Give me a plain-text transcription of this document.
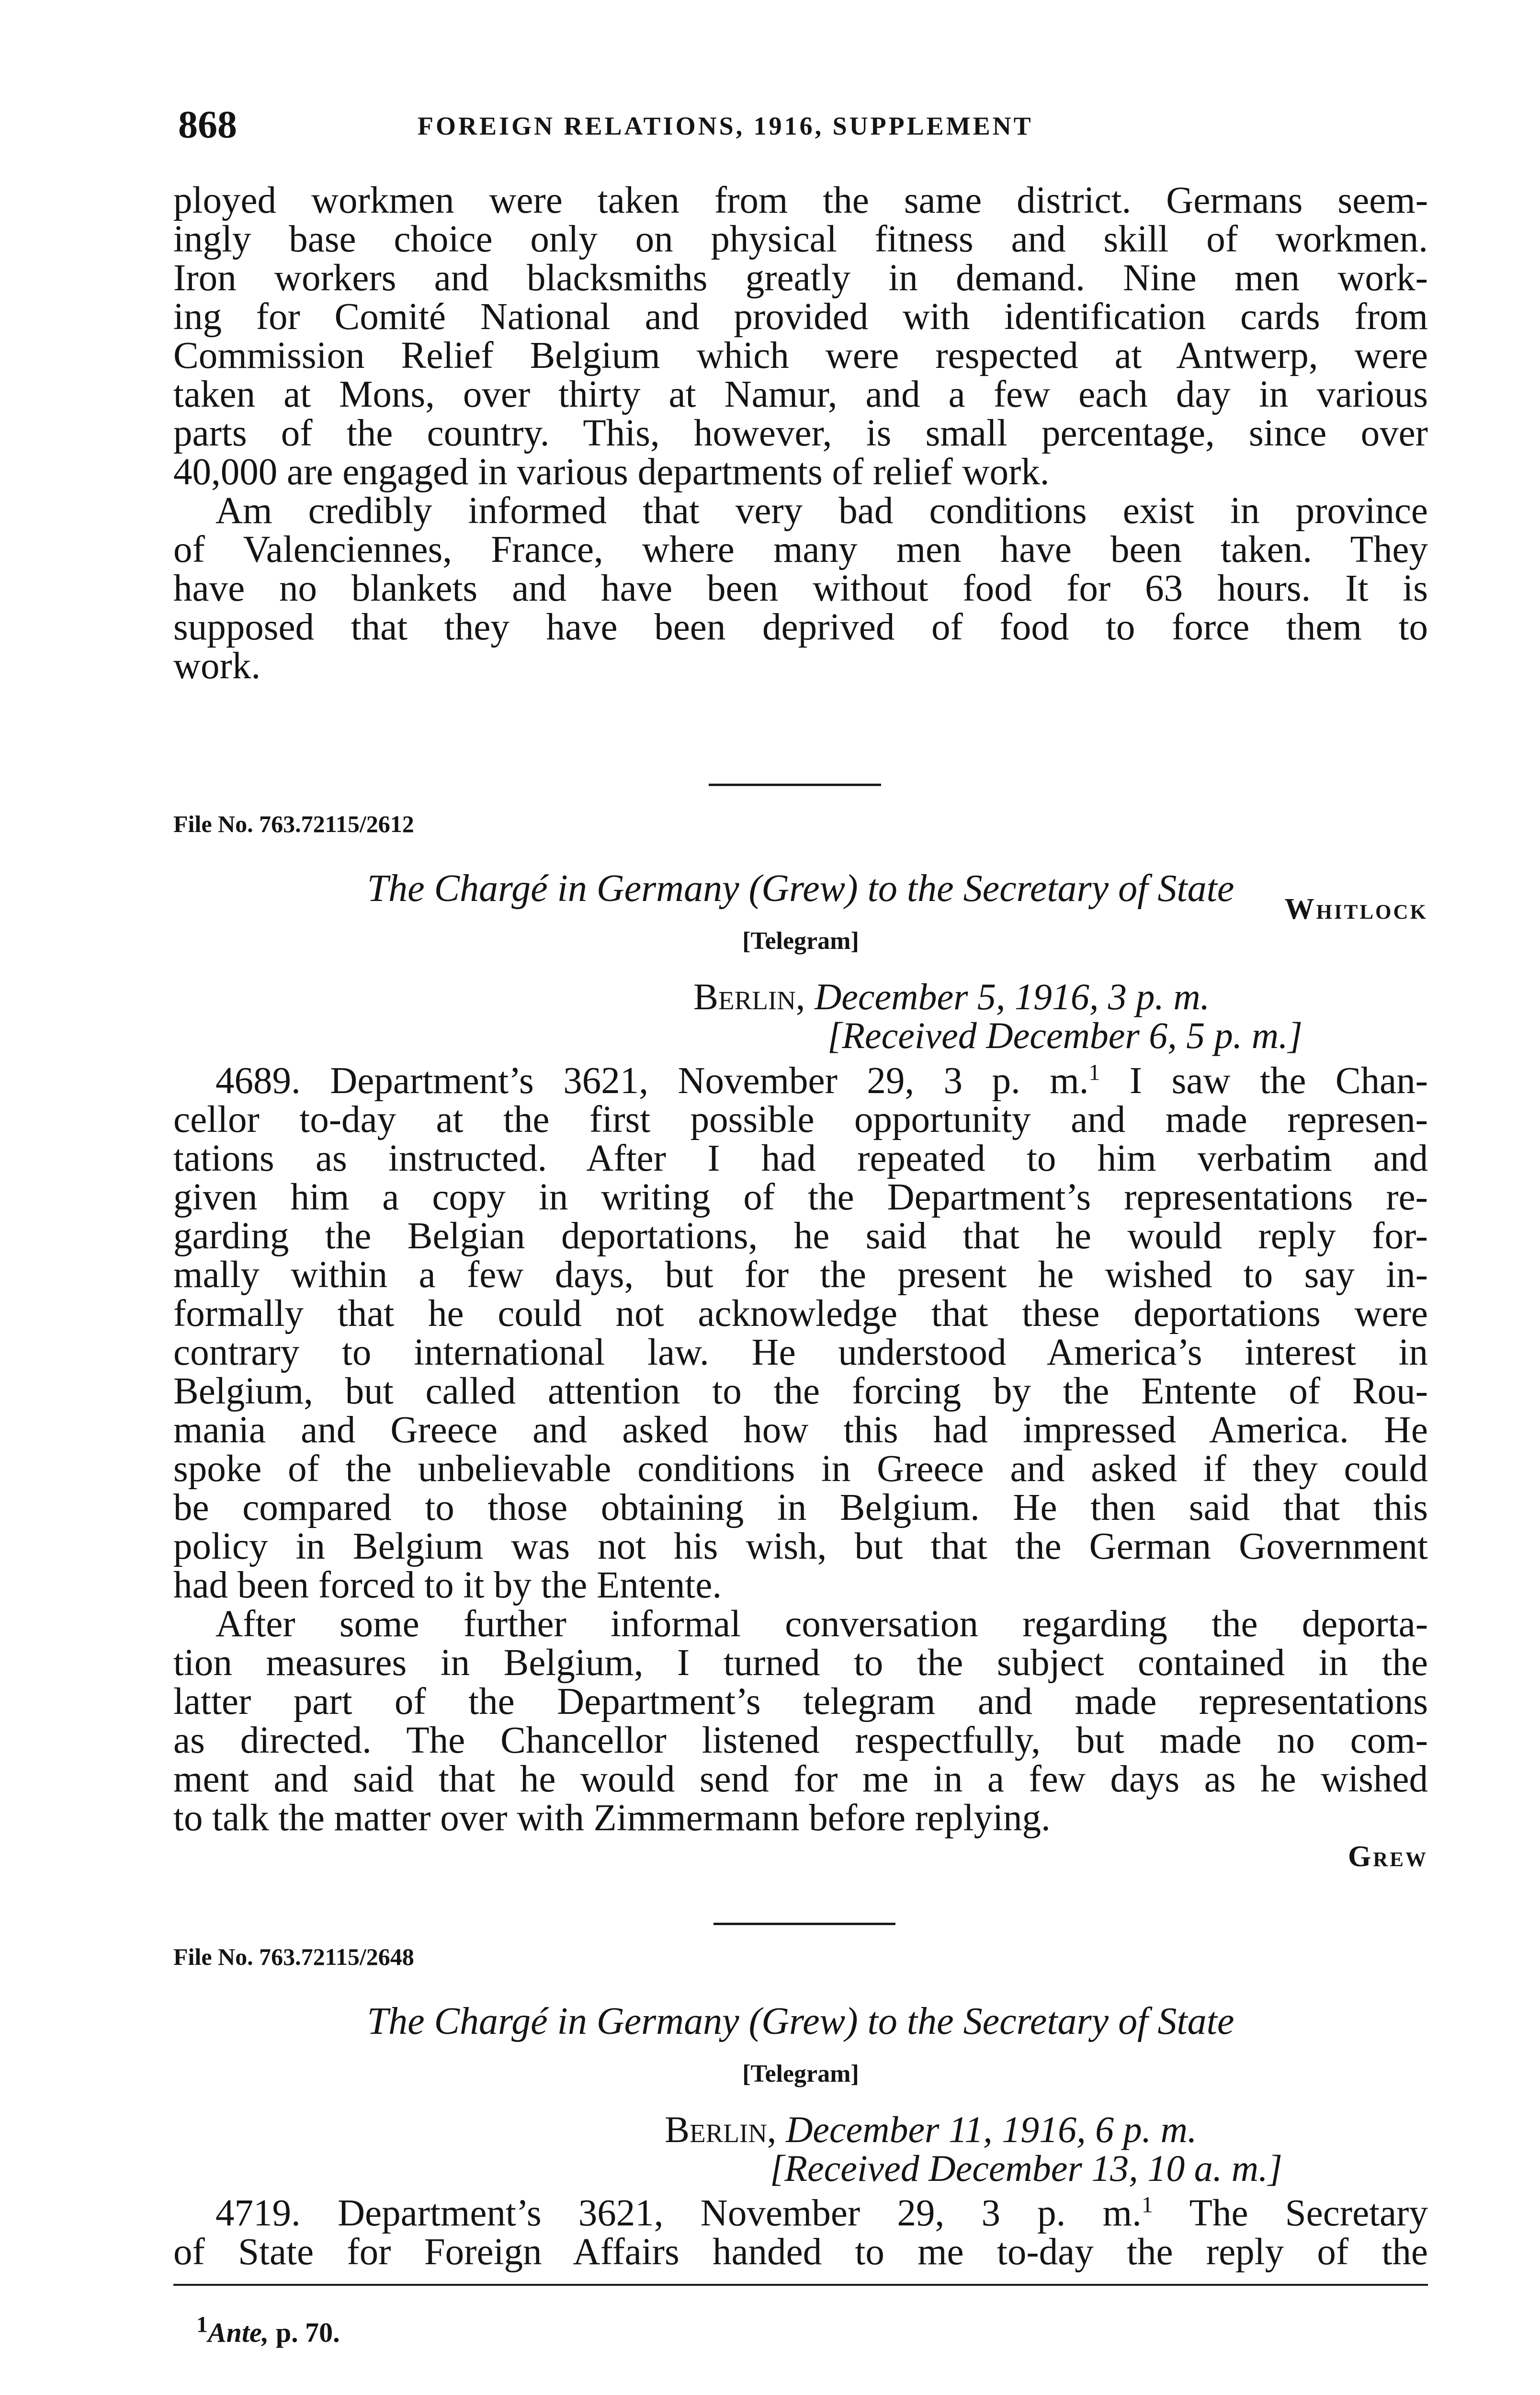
868	FOREIGN RELATIONS, 1916, SUPPLEMENT
ployed workmen were taken from the same district. Germans seem-
ingly base choice only on physical fitness and skill of workmen.
Iron workers and blacksmiths greatly in demand. Nine men work-
ing for Comité National and provided with identification cards from
Commission Relief Belgium which were respected at Antwerp, were
taken at Mons, over thirty at Namur, and a few each day in various
parts of the country. This, however, is small percentage, since over
40,000 are engaged in various departments of relief work.
Am credibly informed that very bad conditions exist in province
of Valenciennes, France, where many men have been taken. They
have no blankets and have been without food for 63 hours. It is
supposed that they have been deprived of food to force them to
work.
Whitlock
File No. 763.72115/2612
The Chargé in Germany (Grew) to the Secretary of State
[Telegram]
Berlin, December 5, 1916, 3 p. m.
[Received December 6, 5 p. m.]
4689. Department’s 3621, November 29, 3 p. m.$^1$ I saw the Chan-
cellor to-day at the first possible opportunity and made represen-
tations as instructed. After I had repeated to him verbatim and
given him a copy in writing of the Department’s representations re-
garding the Belgian deportations, he said that he would reply for-
mally within a few days, but for the present he wished to say in-
formally that he could not acknowledge that these deportations were
contrary to international law. He understood America’s interest in
Belgium, but called attention to the forcing by the Entente of Rou-
mania and Greece and asked how this had impressed America. He
spoke of the unbelievable conditions in Greece and asked if they could
be compared to those obtaining in Belgium. He then said that this
policy in Belgium was not his wish, but that the German Government
had been forced to it by the Entente.
After some further informal conversation regarding the deporta-
tion measures in Belgium, I turned to the subject contained in the
latter part of the Department’s telegram and made representations
as directed. The Chancellor listened respectfully, but made no com-
ment and said that he would send for me in a few days as he wished
to talk the matter over with Zimmermann before replying.
Grew
File No. 763.72115/2648
The Chargé in Germany (Grew) to the Secretary of State
[Telegram]
Berlin, December 11, 1916, 6 p. m.
[Received December 13, 10 a. m.]
4719. Department’s 3621, November 29, 3 p. m.$^1$ The Secretary
of State for Foreign Affairs handed to me to-day the reply of the
$^1$Ante, p. 70.
